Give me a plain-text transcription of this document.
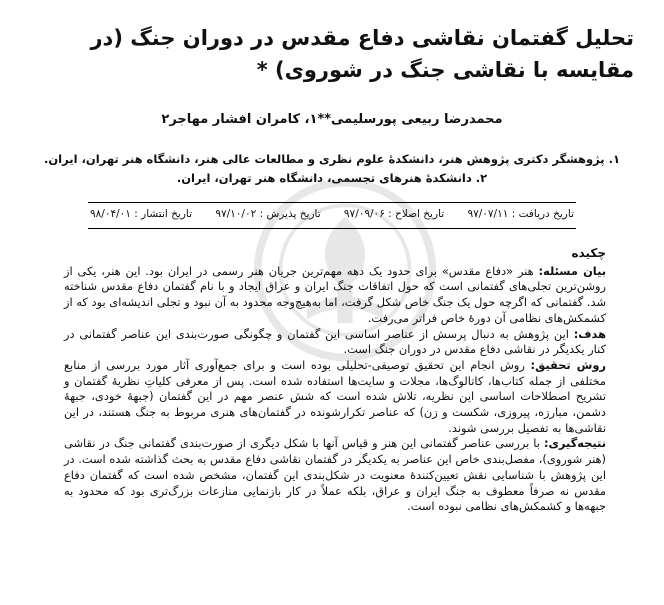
تحلیل گفتمان نقاشی دفاع مقدس در دوران جنگ (در مقایسه با نقاشی جنگ در شوروی) *
محمدرضا ربیعی پورسلیمی**۱، کامران افشار مهاجر۲
۱. پژوهشگر دکتری پژوهش هنر، دانشکدهٔ علوم نظری و مطالعات عالی هنر، دانشگاه هنر تهران، ایران.
۲. دانشکدهٔ هنرهای تجسمی، دانشگاه هنر تهران، ایران.
تاریخ دریافت : ۹۷/۰۷/۱۱
تاریخ اصلاح : ۹۷/۰۹/۰۶
تاریخ پذیرش : ۹۷/۱۰/۰۲
تاریخ انتشار : ۹۸/۰۴/۰۱
چکیده

بیان مسئله: هنر «دفاع مقدس» برای حدود یک دهه مهم‌ترین جریان هنر رسمی در ایران بود. این هنر، یکی از روشن‌ترین تجلی‌های گفتمانی است که حول اتفاقات جنگ ایران و عراق ایجاد و با نام گفتمان دفاع مقدس شناخته شد. گفتمانی که اگرچه حول یک جنگ خاص شکل گرفت، اما به‌هیچ‌وجه محدود به آن نبود و تجلی اندیشه‌ای بود که از کشمکش‌های نظامی آن دورهٔ خاص فراتر می‌رفت.

هدف: این پژوهش به دنبال پرسش از عناصر اساسی این گفتمان و چگونگی صورت‌بندی این عناصر گفتمانی در کنار یکدیگر در نقاشی دفاع مقدس در دوران جنگ است.

روش تحقیق: روش انجام این تحقیق توصیفی-تحلیلی بوده است و برای جمع‌آوری آثار مورد بررسی از منابع مختلفی از جمله کتاب‌ها، کاتالوگ‌ها، مجلات و سایت‌ها استفاده شده است. پس از معرفی کلیاتِ نظریهٔ گفتمان و تشریح اصطلاحات اساسی این نظریه، تلاش شده است که شش عنصر مهم در این گفتمان (جبههٔ خودی، جبههٔ دشمن، مبارزه، پیروزی، شکست و زن) که عناصر تکرارشونده در گفتمان‌های هنری مربوط به جنگ هستند، در این نقاشی‌ها به تفصیل بررسی شوند.

نتیجه‌گیری: با بررسی عناصر گفتمانی این هنر و قیاس آنها با شکل دیگری از صورت‌بندی گفتمانی جنگ در نقاشی (هنر شوروی)، مفصل‌بندی خاص این عناصر به یکدیگر در گفتمان نقاشی دفاع مقدس به بحث گذاشته شده است. در این پژوهش با شناسایی نقش تعیین‌کنندهٔ معنویت در شکل‌بندی این گفتمان، مشخص شده است که گفتمان دفاع مقدس نه صرفاً معطوف به جنگ ایران و عراق، بلکه عملاً در کار بازنمایی منازعات بزرگ‌تری بود که محدود به جبهه‌ها و کشمکش‌های نظامی نبوده است.
